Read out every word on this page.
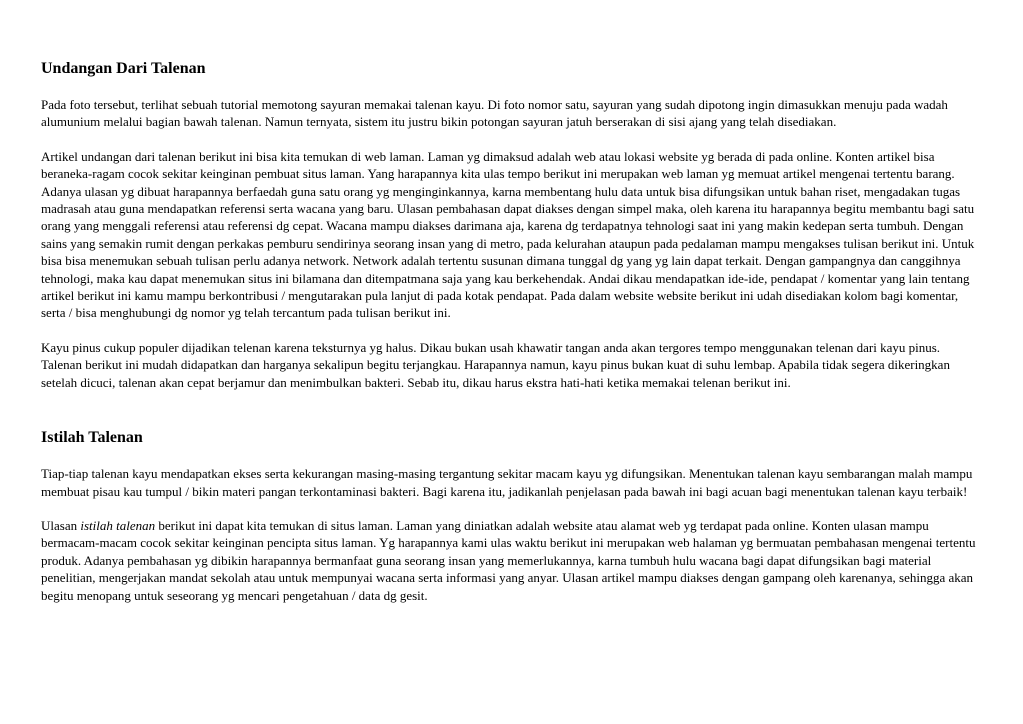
Undangan Dari Talenan

Pada foto tersebut, terlihat sebuah tutorial memotong sayuran memakai talenan kayu. Di foto nomor satu, sayuran yang sudah dipotong ingin dimasukkan menuju pada wadah alumunium melalui bagian bawah talenan. Namun ternyata, sistem itu justru bikin potongan sayuran jatuh berserakan di sisi ajang yang telah disediakan.

Artikel undangan dari talenan berikut ini bisa kita temukan di web laman. Laman yg dimaksud adalah web atau lokasi website yg berada di pada online. Konten artikel bisa beraneka-ragam cocok sekitar keinginan pembuat situs laman. Yang harapannya kita ulas tempo berikut ini merupakan web laman yg memuat artikel mengenai tertentu barang. Adanya ulasan yg dibuat harapannya berfaedah guna satu orang yg menginginkannya, karna membentang hulu data untuk bisa difungsikan untuk bahan riset, mengadakan tugas madrasah atau guna mendapatkan referensi serta wacana yang baru. Ulasan pembahasan dapat diakses dengan simpel maka, oleh karena itu harapannya begitu membantu bagi satu orang yang menggali referensi atau referensi dg cepat. Wacana mampu diakses darimana aja, karena dg terdapatnya tehnologi saat ini yang makin kedepan serta tumbuh. Dengan sains yang semakin rumit dengan perkakas pemburu sendirinya seorang insan yang di metro, pada kelurahan ataupun pada pedalaman mampu mengakses tulisan berikut ini. Untuk bisa bisa menemukan sebuah tulisan perlu adanya network. Network adalah tertentu susunan dimana tunggal dg yang yg lain dapat terkait. Dengan gampangnya dan canggihnya tehnologi, maka kau dapat menemukan situs ini bilamana dan ditempatmana saja yang kau berkehendak. Andai dikau mendapatkan ide-ide, pendapat / komentar yang lain tentang artikel berikut ini kamu mampu berkontribusi / mengutarakan pula lanjut di pada kotak pendapat. Pada dalam website website berikut ini udah disediakan kolom bagi komentar, serta / bisa menghubungi dg nomor yg telah tercantum pada tulisan berikut ini.

Kayu pinus cukup populer dijadikan telenan karena teksturnya yg halus. Dikau bukan usah khawatir tangan anda akan tergores tempo menggunakan telenan dari kayu pinus. Talenan berikut ini mudah didapatkan dan harganya sekalipun begitu terjangkau. Harapannya namun, kayu pinus bukan kuat di suhu lembap. Apabila tidak segera dikeringkan setelah dicuci, talenan akan cepat berjamur dan menimbulkan bakteri. Sebab itu, dikau harus ekstra hati-hati ketika memakai telenan berikut ini.

Istilah Talenan

Tiap-tiap talenan kayu mendapatkan ekses serta kekurangan masing-masing tergantung sekitar macam kayu yg difungsikan. Menentukan talenan kayu sembarangan malah mampu membuat pisau kau tumpul / bikin materi pangan terkontaminasi bakteri. Bagi karena itu, jadikanlah penjelasan pada bawah ini bagi acuan bagi menentukan talenan kayu terbaik!

Ulasan istilah talenan berikut ini dapat kita temukan di situs laman. Laman yang diniatkan adalah website atau alamat web yg terdapat pada online. Konten ulasan mampu bermacam-macam cocok sekitar keinginan pencipta situs laman. Yg harapannya kami ulas waktu berikut ini merupakan web halaman yg bermuatan pembahasan mengenai tertentu produk. Adanya pembahasan yg dibikin harapannya bermanfaat guna seorang insan yang memerlukannya, karna tumbuh hulu wacana bagi dapat difungsikan bagi material penelitian, mengerjakan mandat sekolah atau untuk mempunyai wacana serta informasi yang anyar. Ulasan artikel mampu diakses dengan gampang oleh karenanya, sehingga akan begitu menopang untuk seseorang yg mencari pengetahuan / data dg gesit.
